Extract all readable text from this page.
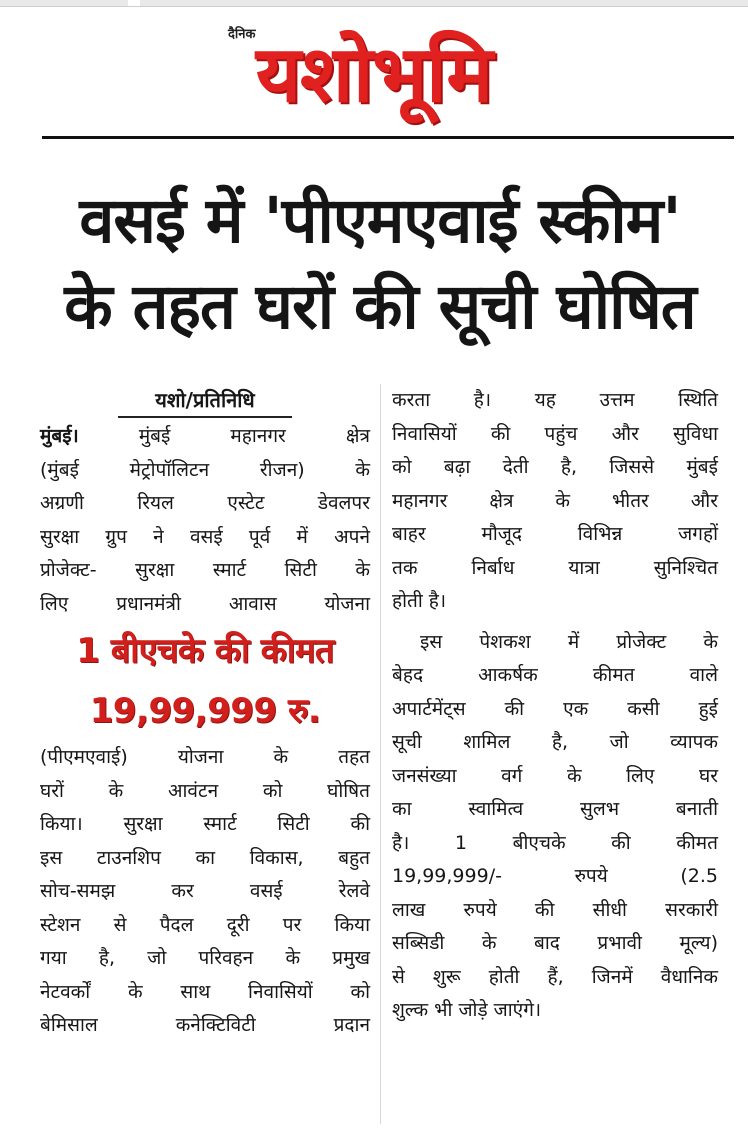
दैनिक यशोभूमि
वसई में 'पीएमएवाई स्कीम'
के तहत घरों की सूची घोषित
यशो/प्रतिनिधि

मुंबई। मुंबई महानगर क्षेत्र

(मुंबई मेट्रोपॉलिटन रीजन) के

अग्रणी रियल एस्टेट डेवलपर

सुरक्षा ग्रुप ने वसई पूर्व में अपने

प्रोजेक्ट- सुरक्षा स्मार्ट सिटी के

लिए प्रधानमंत्री आवास योजना

1 बीएचके की कीमत
19,99,999 रु.

(पीएमएवाई) योजना के तहत

घरों के आवंटन को घोषित

किया। सुरक्षा स्मार्ट सिटी की

इस टाउनशिप का विकास, बहुत

सोच-समझ कर वसई रेलवे

स्टेशन से पैदल दूरी पर किया

गया है, जो परिवहन के प्रमुख

नेटवर्कों के साथ निवासियों को

बेमिसाल कनेक्टिविटी प्रदान

करता है। यह उत्तम स्थिति

निवासियों की पहुंच और सुविधा

को बढ़ा देती है, जिससे मुंबई

महानगर क्षेत्र के भीतर और

बाहर मौजूद विभिन्न जगहों

तक निर्बाध यात्रा सुनिश्चित

होती है।

इस पेशकश में प्रोजेक्ट के

बेहद आकर्षक कीमत वाले

अपार्टमेंट्स की एक कसी हुई

सूची शामिल है, जो व्यापक

जनसंख्या वर्ग के लिए घर

का स्वामित्व सुलभ बनाती

है। 1 बीएचके की कीमत

19,99,999/- रुपये (2.5

लाख रुपये की सीधी सरकारी

सब्सिडी के बाद प्रभावी मूल्य)

से शुरू होती हैं, जिनमें वैधानिक

शुल्क भी जोड़े जाएंगे।
